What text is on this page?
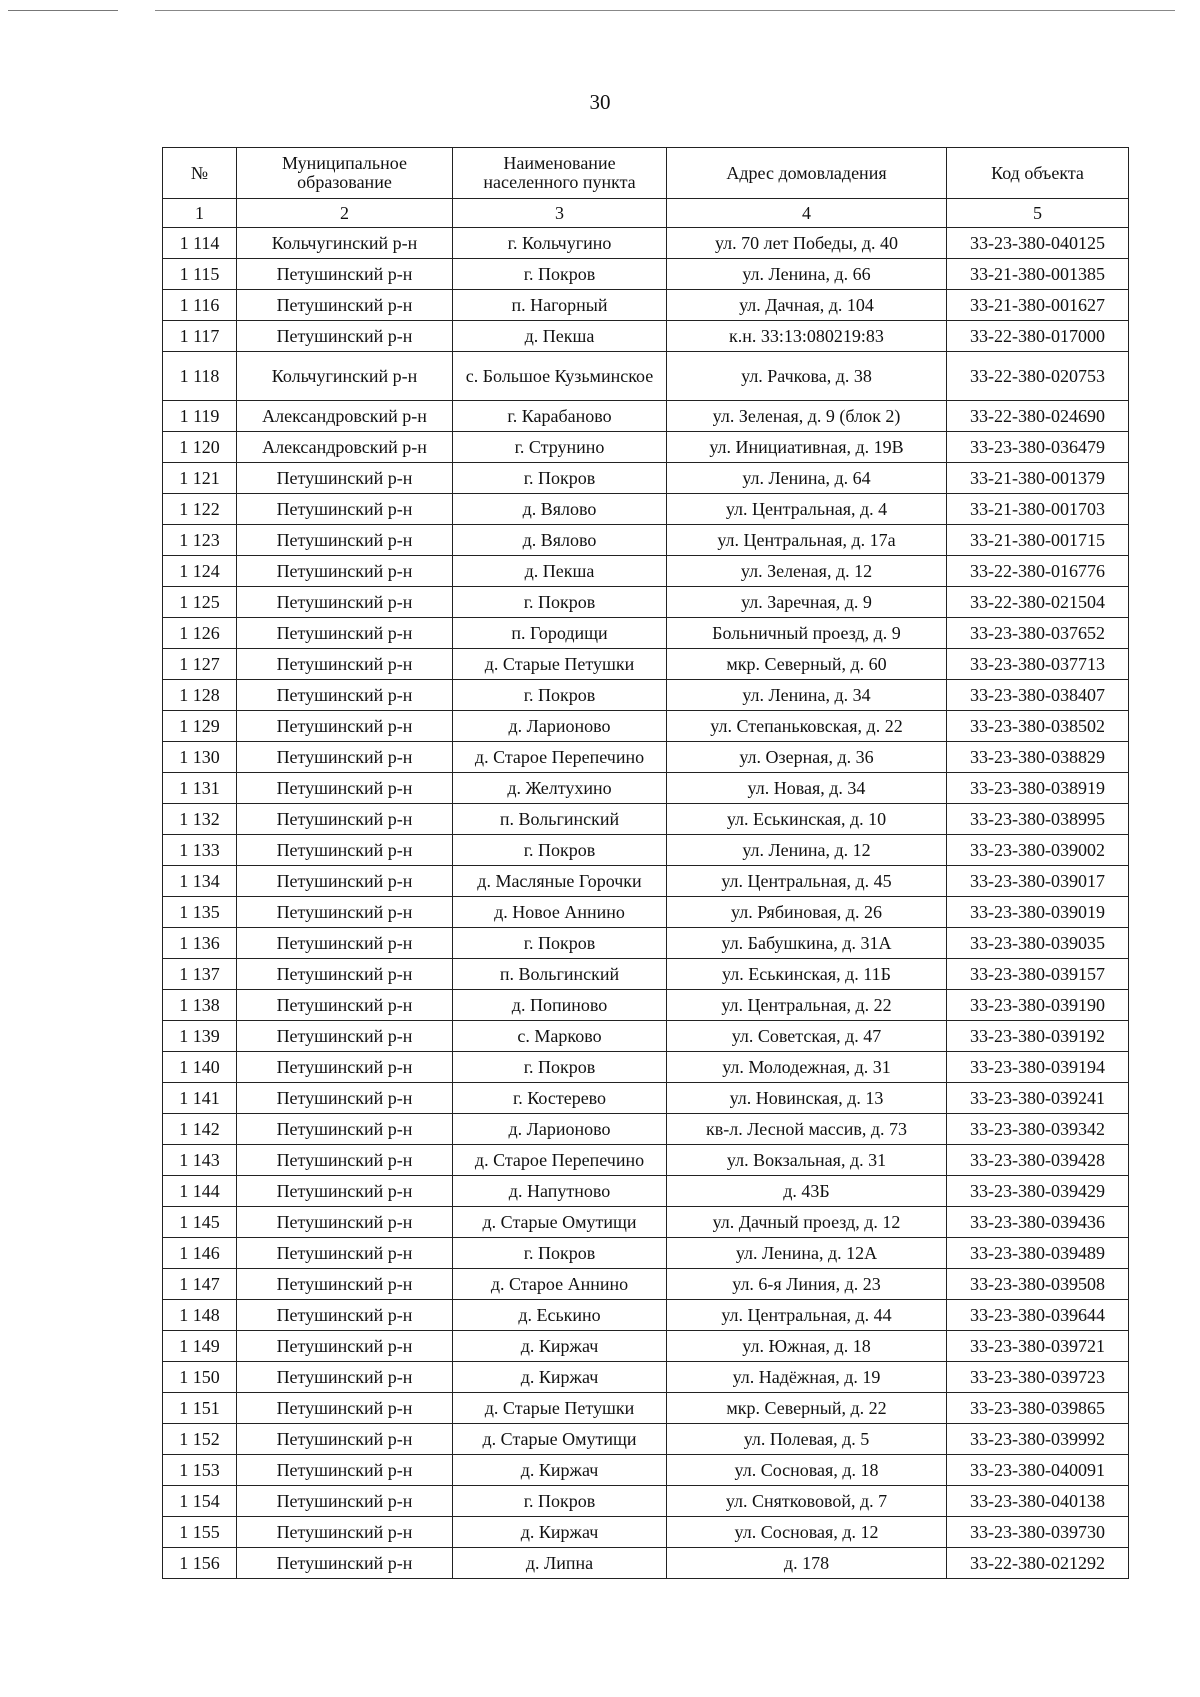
30
№	Муниципальное образование	Наименование населенного пункта	Адрес домовладения	Код объекта
1	2	3	4	5
1 114	Кольчугинский р-н	г. Кольчугино	ул. 70 лет Победы, д. 40	33-23-380-040125
1 115	Петушинский р-н	г. Покров	ул. Ленина, д. 66	33-21-380-001385
1 116	Петушинский р-н	п. Нагорный	ул. Дачная, д. 104	33-21-380-001627
1 117	Петушинский р-н	д. Пекша	к.н. 33:13:080219:83	33-22-380-017000
1 118	Кольчугинский р-н	с. Большое Кузьминское	ул. Рачкова, д. 38	33-22-380-020753
1 119	Александровский р-н	г. Карабаново	ул. Зеленая, д. 9 (блок 2)	33-22-380-024690
1 120	Александровский р-н	г. Струнино	ул. Инициативная, д. 19В	33-23-380-036479
1 121	Петушинский р-н	г. Покров	ул. Ленина, д. 64	33-21-380-001379
1 122	Петушинский р-н	д. Вялово	ул. Центральная, д. 4	33-21-380-001703
1 123	Петушинский р-н	д. Вялово	ул. Центральная, д. 17а	33-21-380-001715
1 124	Петушинский р-н	д. Пекша	ул. Зеленая, д. 12	33-22-380-016776
1 125	Петушинский р-н	г. Покров	ул. Заречная, д. 9	33-22-380-021504
1 126	Петушинский р-н	п. Городищи	Больничный проезд, д. 9	33-23-380-037652
1 127	Петушинский р-н	д. Старые Петушки	мкр. Северный, д. 60	33-23-380-037713
1 128	Петушинский р-н	г. Покров	ул. Ленина, д. 34	33-23-380-038407
1 129	Петушинский р-н	д. Ларионово	ул. Степаньковская, д. 22	33-23-380-038502
1 130	Петушинский р-н	д. Старое Перепечино	ул. Озерная, д. 36	33-23-380-038829
1 131	Петушинский р-н	д. Желтухино	ул. Новая, д. 34	33-23-380-038919
1 132	Петушинский р-н	п. Вольгинский	ул. Еськинская, д. 10	33-23-380-038995
1 133	Петушинский р-н	г. Покров	ул. Ленина, д. 12	33-23-380-039002
1 134	Петушинский р-н	д. Масляные Горочки	ул. Центральная, д. 45	33-23-380-039017
1 135	Петушинский р-н	д. Новое Аннино	ул. Рябиновая, д. 26	33-23-380-039019
1 136	Петушинский р-н	г. Покров	ул. Бабушкина, д. 31А	33-23-380-039035
1 137	Петушинский р-н	п. Вольгинский	ул. Еськинская, д. 11Б	33-23-380-039157
1 138	Петушинский р-н	д. Попиново	ул. Центральная, д. 22	33-23-380-039190
1 139	Петушинский р-н	с. Марково	ул. Советская, д. 47	33-23-380-039192
1 140	Петушинский р-н	г. Покров	ул. Молодежная, д. 31	33-23-380-039194
1 141	Петушинский р-н	г. Костерево	ул. Новинская, д. 13	33-23-380-039241
1 142	Петушинский р-н	д. Ларионово	кв-л. Лесной массив, д. 73	33-23-380-039342
1 143	Петушинский р-н	д. Старое Перепечино	ул. Вокзальная, д. 31	33-23-380-039428
1 144	Петушинский р-н	д. Напутново	д. 43Б	33-23-380-039429
1 145	Петушинский р-н	д. Старые Омутищи	ул. Дачный проезд, д. 12	33-23-380-039436
1 146	Петушинский р-н	г. Покров	ул. Ленина, д. 12А	33-23-380-039489
1 147	Петушинский р-н	д. Старое Аннино	ул. 6-я Линия, д. 23	33-23-380-039508
1 148	Петушинский р-н	д. Еськино	ул. Центральная, д. 44	33-23-380-039644
1 149	Петушинский р-н	д. Киржач	ул. Южная, д. 18	33-23-380-039721
1 150	Петушинский р-н	д. Киржач	ул. Надёжная, д. 19	33-23-380-039723
1 151	Петушинский р-н	д. Старые Петушки	мкр. Северный, д. 22	33-23-380-039865
1 152	Петушинский р-н	д. Старые Омутищи	ул. Полевая, д. 5	33-23-380-039992
1 153	Петушинский р-н	д. Киржач	ул. Сосновая, д. 18	33-23-380-040091
1 154	Петушинский р-н	г. Покров	ул. Сняткововой, д. 7	33-23-380-040138
1 155	Петушинский р-н	д. Киржач	ул. Сосновая, д. 12	33-23-380-039730
1 156	Петушинский р-н	д. Липна	д. 178	33-22-380-021292
